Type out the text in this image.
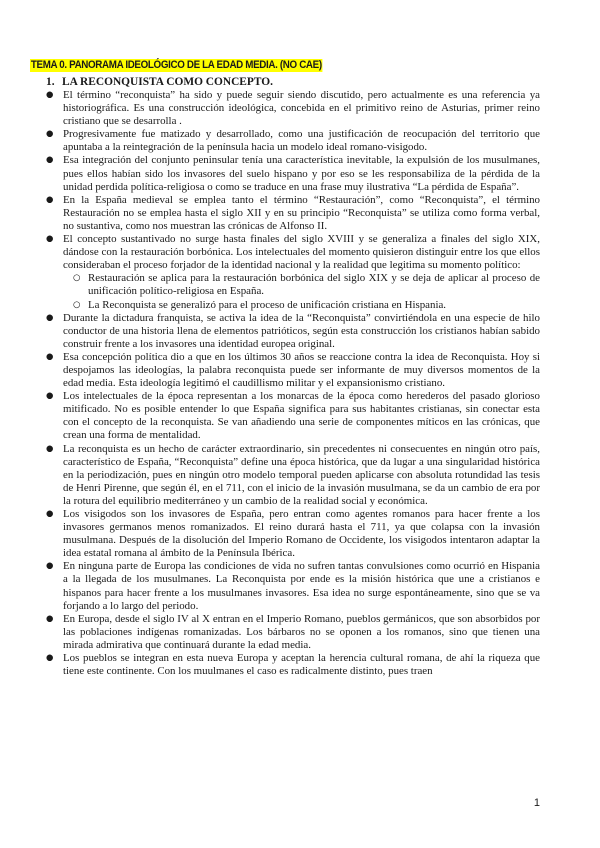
TEMA 0. PANORAMA IDEOLÓGICO DE LA EDAD MEDIA. (NO CAE)
1. LA RECONQUISTA COMO CONCEPTO.
● El término “reconquista” ha sido y puede seguir siendo discutido, pero actualmente es una referencia ya historiográfica. Es una construcción ideológica, concebida en el primitivo reino de Asturias, primer reino cristiano que se desarrolla .
● Progresivamente fue matizado y desarrollado, como una justificación de reocupación del territorio que apuntaba a la reintegración de la península hacia un modelo ideal romano-visigodo.
● Esa integración del conjunto peninsular tenía una característica inevitable, la expulsión de los musulmanes, pues ellos habían sido los invasores del suelo hispano y por eso se les responsabiliza de la pérdida de la unidad perdida política-religiosa o como se traduce en una frase muy ilustrativa “La pérdida de España”.
● En la España medieval se emplea tanto el término “Restauración”, como “Reconquista”, el término Restauración no se emplea hasta el siglo XII y en su principio “Reconquista” se utiliza como forma verbal, no sustantiva, como nos muestran las crónicas de Alfonso II.
● El concepto sustantivado no surge hasta finales del siglo XVIII y se generaliza a finales del siglo XIX, dándose con la restauración borbónica. Los intelectuales del momento quisieron distinguir entre los que ellos consideraban el proceso forjador de la identidad nacional y la realidad que legitima su momento político:
○ Restauración se aplica para la restauración borbónica del siglo XIX y se deja de aplicar al proceso de unificación político-religiosa en España.
○ La Reconquista se generalizó para el proceso de unificación cristiana en Hispania.
● Durante la dictadura franquista, se activa la idea de la “Reconquista” convirtiéndola en una especie de hilo conductor de una historia llena de elementos patrióticos, según esta construcción los cristianos habían sabido construir frente a los invasores una identidad europea original.
● Esa concepción política dio a que en los últimos 30 años se reaccione contra la idea de Reconquista. Hoy si despojamos las ideologías, la palabra reconquista puede ser informante de muy diversos momentos de la edad media. Esta ideología legitimó el caudillismo militar y el expansionismo cristiano.
● Los intelectuales de la época representan a los monarcas de la época como herederos del pasado glorioso mitificado. No es posible entender lo que España significa para sus habitantes cristianas, sin conectar esta con el concepto de la reconquista. Se van añadiendo una serie de componentes míticos en las crónicas, que crean una forma de mentalidad.
● La reconquista es un hecho de carácter extraordinario, sin precedentes ni consecuentes en ningún otro país, característico de España, “Reconquista” define una época histórica, que da lugar a una singularidad histórica en la periodización, pues en ningún otro modelo temporal pueden aplicarse con absoluta rotundidad las tesis de Henri Pirenne, que según él, en el 711, con el inicio de la invasión musulmana, se da un cambio de era por la rotura del equilibrio mediterráneo y un cambio de la realidad social y económica.
● Los visigodos son los invasores de España, pero entran como agentes romanos para hacer frente a los invasores germanos menos romanizados. El reino durará hasta el 711, ya que colapsa con la invasión musulmana. Después de la disolución del Imperio Romano de Occidente, los visigodos intentaron adaptar la idea estatal romana al ámbito de la Península Ibérica.
● En ninguna parte de Europa las condiciones de vida no sufren tantas convulsiones como ocurrió en Hispania a la llegada de los musulmanes. La Reconquista por ende es la misión histórica que une a cristianos e hispanos para hacer frente a los musulmanes invasores. Esa idea no surge espontáneamente, sino que se va forjando a lo largo del periodo.
● En Europa, desde el siglo IV al X entran en el Imperio Romano, pueblos germánicos, que son absorbidos por las poblaciones indígenas romanizadas. Los bárbaros no se oponen a los romanos, sino que tienen una mirada admirativa que continuará durante la edad media.
● Los pueblos se integran en esta nueva Europa y aceptan la herencia cultural romana, de ahí la riqueza que tiene este continente. Con los muulmanes el caso es radicalmente distinto, pues traen
1
